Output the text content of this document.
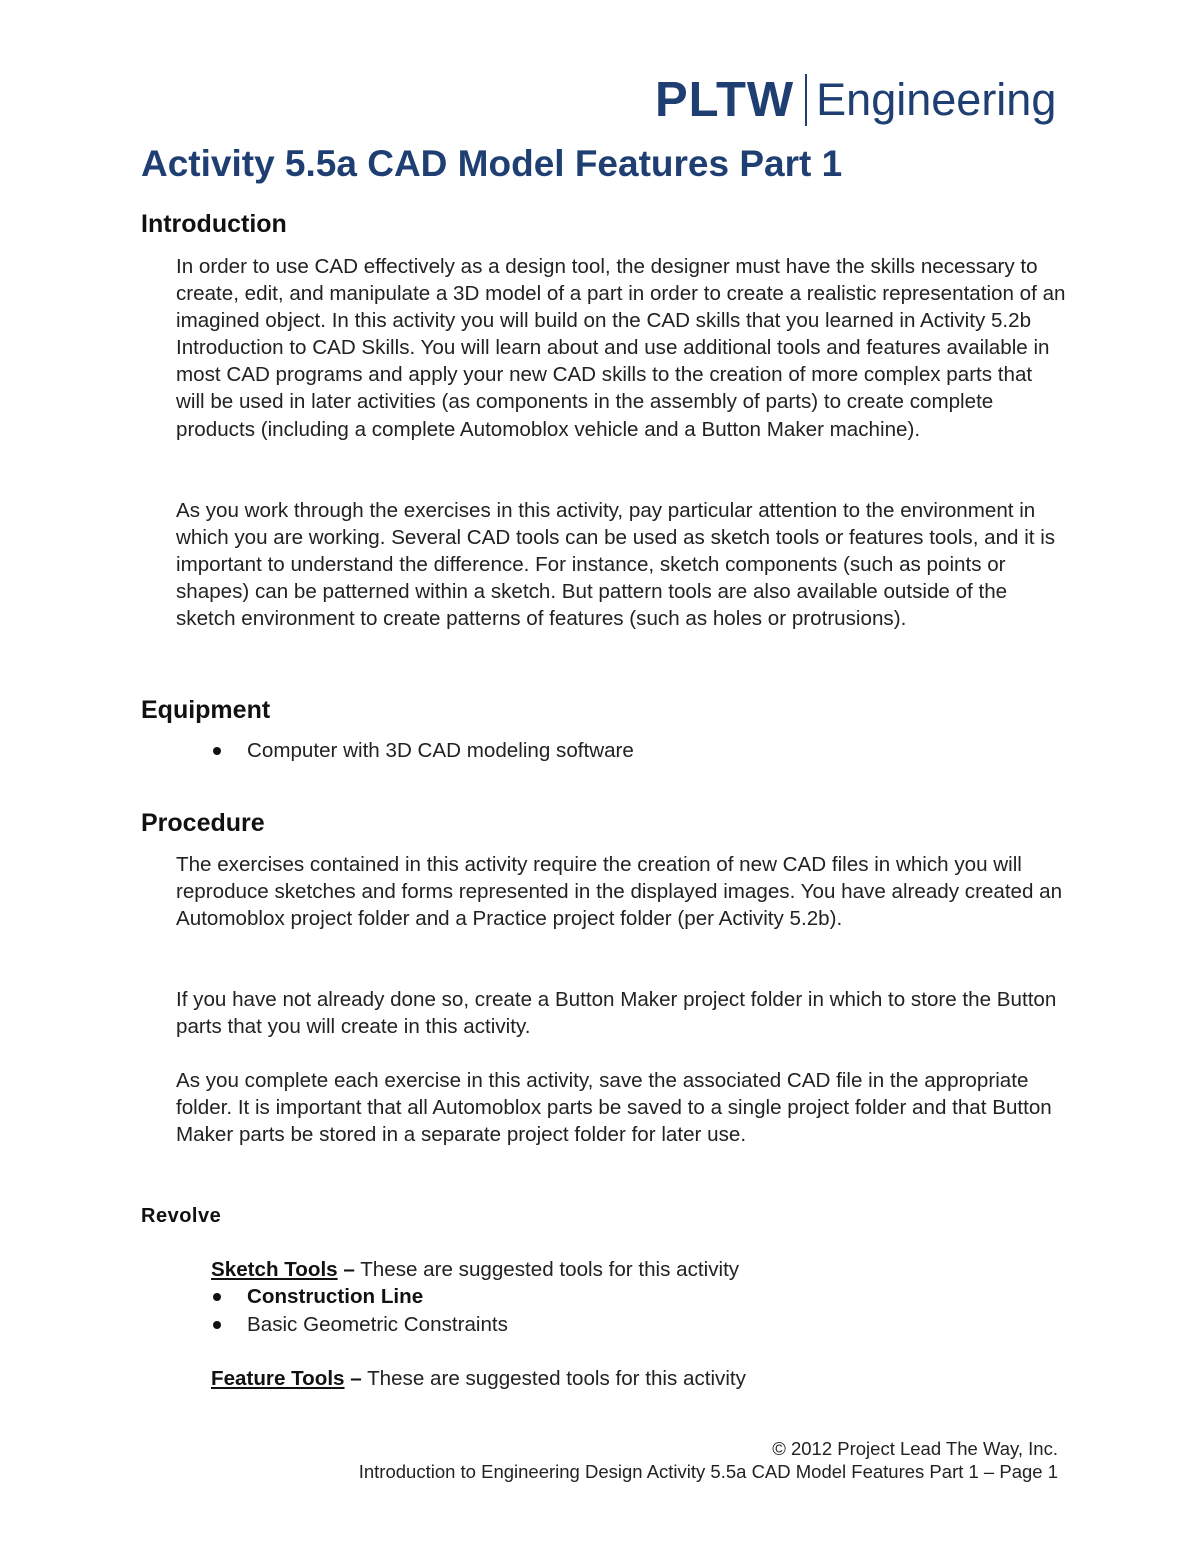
PLTW Engineering
Activity 5.5a CAD Model Features Part 1
Introduction

In order to use CAD effectively as a design tool, the designer must have the skills necessary to create, edit, and manipulate a 3D model of a part in order to create a realistic representation of an imagined object. In this activity you will build on the CAD skills that you learned in Activity 5.2b Introduction to CAD Skills. You will learn about and use additional tools and features available in most CAD programs and apply your new CAD skills to the creation of more complex parts that will be used in later activities (as components in the assembly of parts) to create complete products (including a complete Automoblox vehicle and a Button Maker machine).

As you work through the exercises in this activity, pay particular attention to the environment in which you are working. Several CAD tools can be used as sketch tools or features tools, and it is important to understand the difference. For instance, sketch components (such as points or shapes) can be patterned within a sketch. But pattern tools are also available outside of the sketch environment to create patterns of features (such as holes or protrusions).

Equipment
Computer with 3D CAD modeling software
Procedure

The exercises contained in this activity require the creation of new CAD files in which you will reproduce sketches and forms represented in the displayed images. You have already created an Automoblox project folder and a Practice project folder (per Activity 5.2b).

If you have not already done so, create a Button Maker project folder in which to store the Button parts that you will create in this activity.

As you complete each exercise in this activity, save the associated CAD file in the appropriate folder. It is important that all Automoblox parts be saved to a single project folder and that Button Maker parts be stored in a separate project folder for later use.

Revolve

Sketch Tools – These are suggested tools for this activity

Construction Line
Basic Geometric Constraints

Feature Tools – These are suggested tools for this activity

© 2012 Project Lead The Way, Inc.
Introduction to Engineering Design Activity 5.5a CAD Model Features Part 1 – Page 1
